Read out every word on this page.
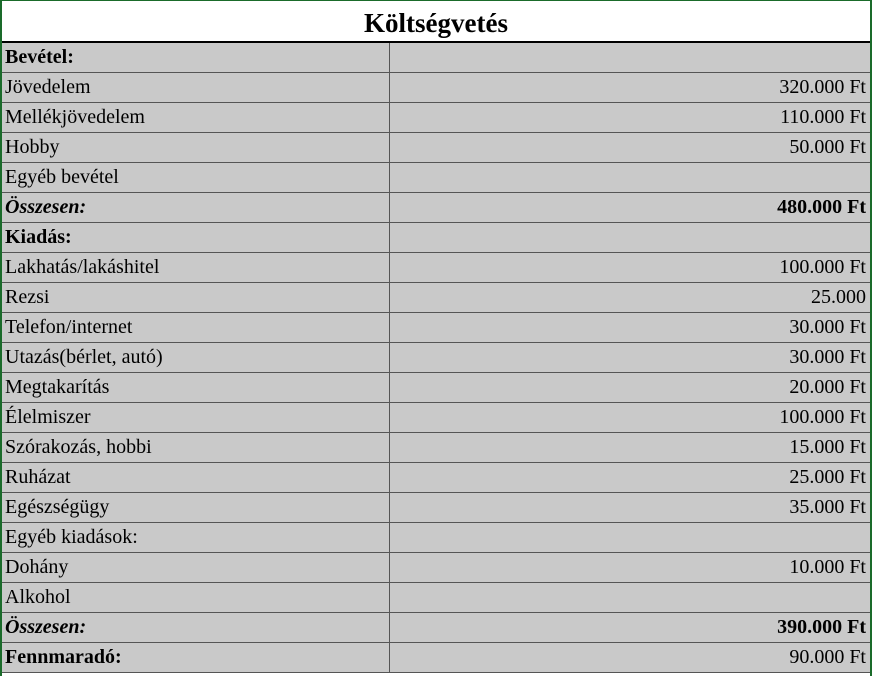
Költségvetés
Bevétel:	
Jövedelem	320.000 Ft
Mellékjövedelem	110.000 Ft
Hobby	50.000 Ft
Egyéb bevétel	
Összesen:	480.000 Ft
Kiadás:	
Lakhatás/lakáshitel	100.000 Ft
Rezsi	25.000
Telefon/internet	30.000 Ft
Utazás(bérlet, autó)	30.000 Ft
Megtakarítás	20.000 Ft
Élelmiszer	100.000 Ft
Szórakozás, hobbi	15.000 Ft
Ruházat	25.000 Ft
Egészségügy	35.000 Ft
Egyéb kiadások:	
Dohány	10.000 Ft
Alkohol	
Összesen:	390.000 Ft
Fennmaradó:	90.000 Ft
